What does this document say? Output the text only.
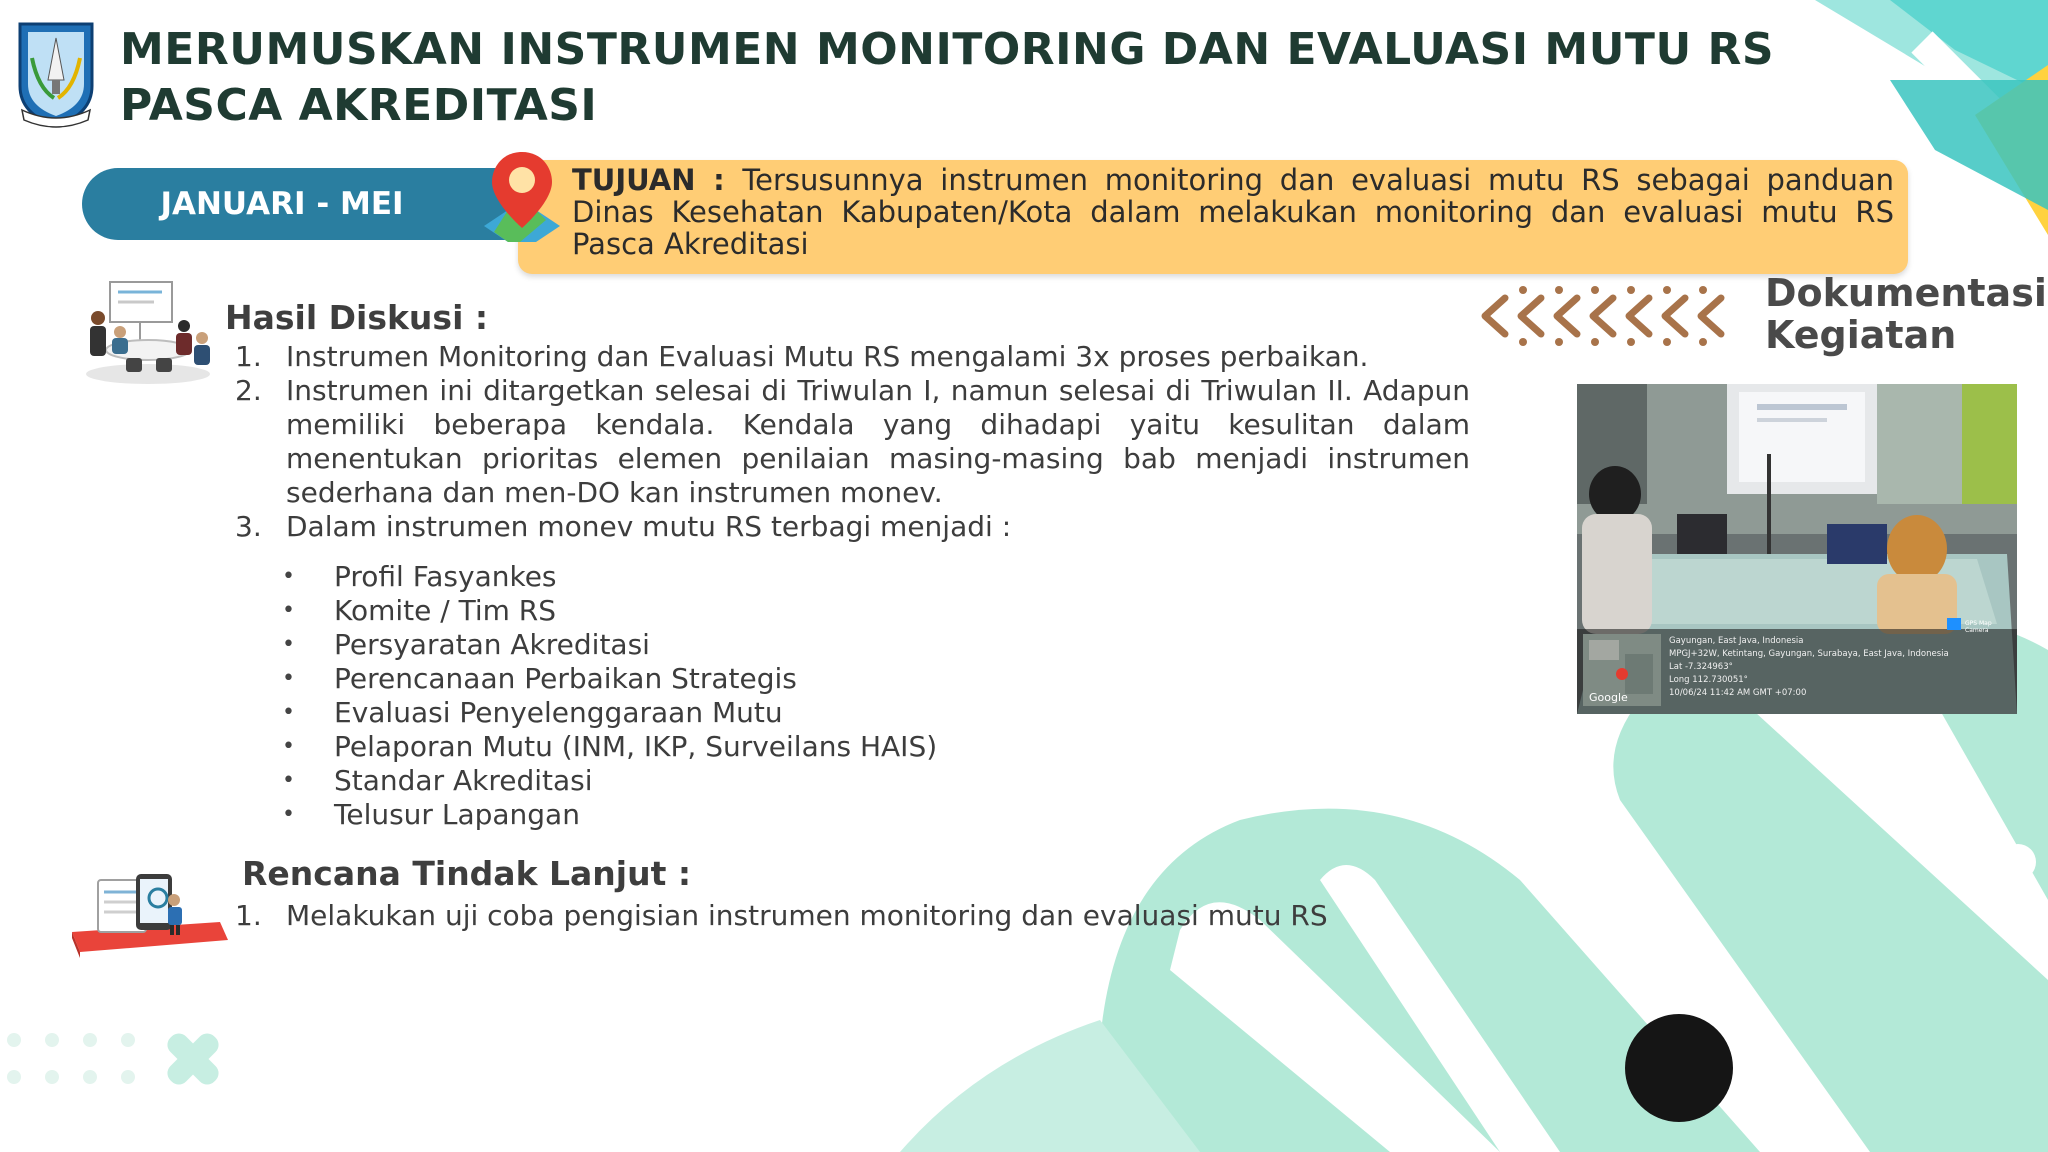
MERUMUSKAN INSTRUMEN MONITORING DAN EVALUASI MUTU RS PASCA AKREDITASI
JANUARI - MEI
TUJUAN : Tersusunnya instrumen monitoring dan evaluasi mutu RS sebagai panduan Dinas Kesehatan Kabupaten/Kota dalam melakukan monitoring dan evaluasi mutu RS Pasca Akreditasi
Hasil Diskusi :
1. Instrumen Monitoring dan Evaluasi Mutu RS mengalami 3x proses perbaikan.
2. Instrumen ini ditargetkan selesai di Triwulan I, namun selesai di Triwulan II. Adapun memiliki beberapa kendala. Kendala yang dihadapi yaitu kesulitan dalam menentukan prioritas elemen penilaian masing-masing bab menjadi instrumen sederhana dan men-DO kan instrumen monev.
3. Dalam instrumen monev mutu RS terbagi menjadi :
• Profil Fasyankes
• Komite / Tim RS
• Persyaratan Akreditasi
• Perencanaan Perbaikan Strategis
• Evaluasi Penyelenggaraan Mutu
• Pelaporan Mutu (INM, IKP, Surveilans HAIS)
• Standar Akreditasi
• Telusur Lapangan
Rencana Tindak Lanjut :
1. Melakukan uji coba pengisian instrumen monitoring dan evaluasi mutu RS
Dokumentasi
Kegiatan
GPS Map Camera
Google
Gayungan, East Java, Indonesia
MPGJ+32W, Ketintang, Gayungan, Surabaya, East Java, Indonesia
Lat -7.324963°
Long 112.730051°
10/06/24 11:42 AM GMT +07:00
